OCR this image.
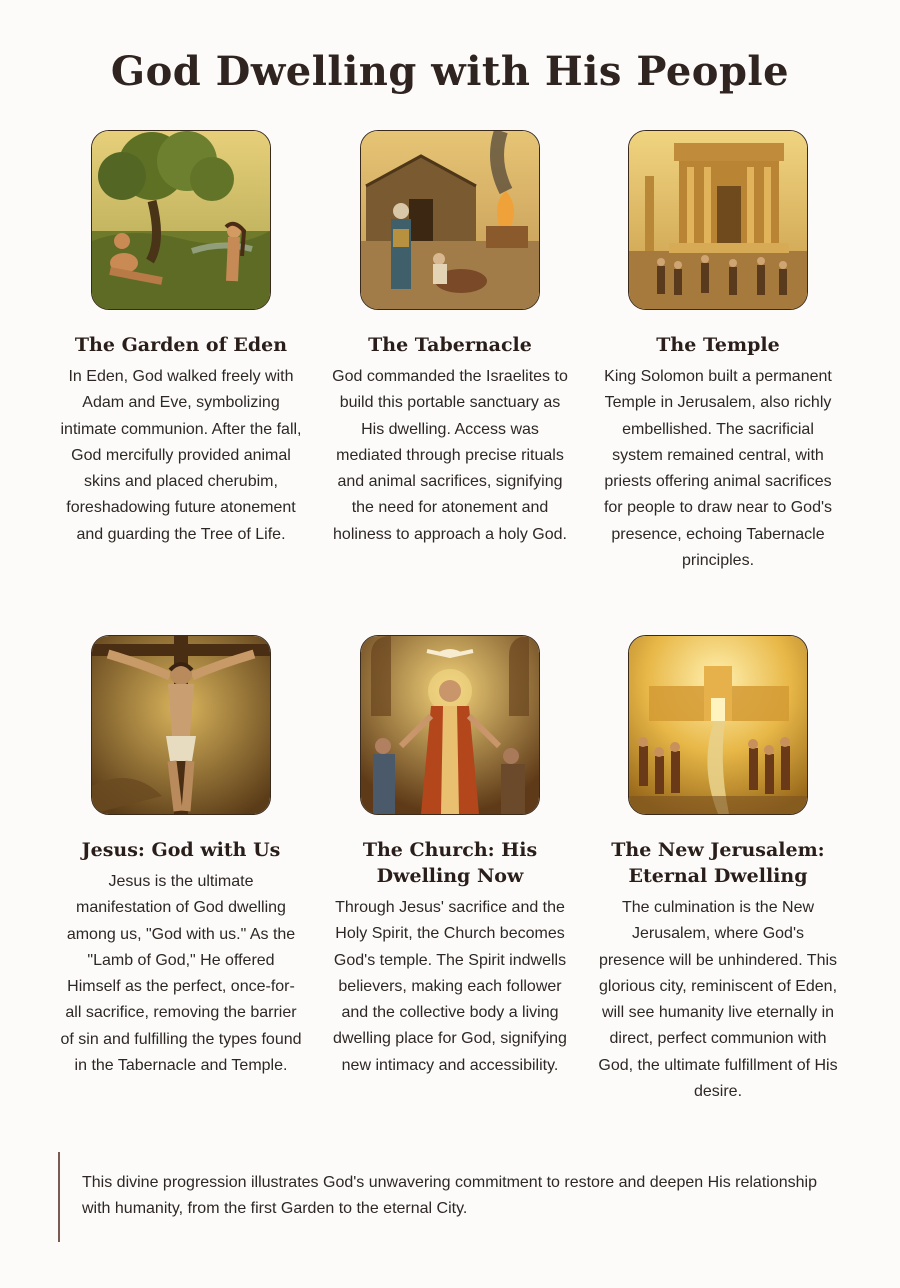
God Dwelling with His People
The Garden of Eden

In Eden, God walked freely with Adam and Eve, symbolizing intimate communion. After the fall, God mercifully provided animal skins and placed cherubim, foreshadowing future atonement and guarding the Tree of Life.

The Tabernacle

God commanded the Israelites to build this portable sanctuary as His dwelling. Access was mediated through precise rituals and animal sacrifices, signifying the need for atonement and holiness to approach a holy God.

The Temple

King Solomon built a permanent Temple in Jerusalem, also richly embellished. The sacrificial system remained central, with priests offering animal sacrifices for people to draw near to God's presence, echoing Tabernacle principles.

Jesus: God with Us

Jesus is the ultimate manifestation of God dwelling among us, "God with us." As the "Lamb of God," He offered Himself as the perfect, once-for-all sacrifice, removing the barrier of sin and fulfilling the types found in the Tabernacle and Temple.

The Church: His Dwelling Now

Through Jesus' sacrifice and the Holy Spirit, the Church becomes God's temple. The Spirit indwells believers, making each follower and the collective body a living dwelling place for God, signifying new intimacy and accessibility.

The New Jerusalem: Eternal Dwelling

The culmination is the New Jerusalem, where God's presence will be unhindered. This glorious city, reminiscent of Eden, will see humanity live eternally in direct, perfect communion with God, the ultimate fulfillment of His desire.

This divine progression illustrates God's unwavering commitment to restore and deepen His relationship with humanity, from the first Garden to the eternal City.
